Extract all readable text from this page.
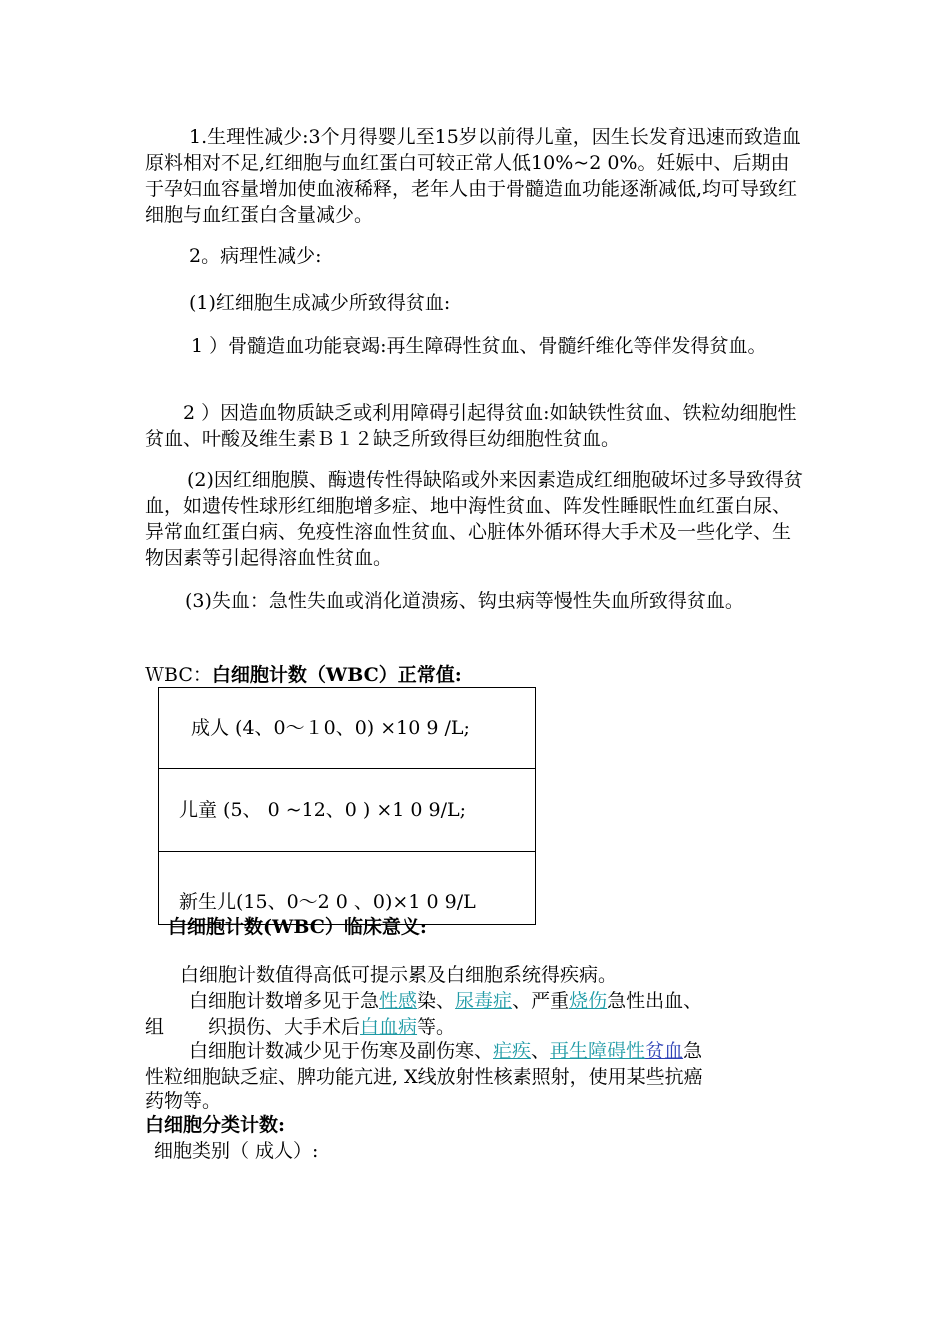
1.生理性减少:3个月得婴儿至15岁以前得儿童，因生长发育迅速而致造血原料相对不足,红细胞与血红蛋白可较正常人低10%~2 0%。妊娠中、后期由于孕妇血容量增加使血液稀释，老年人由于骨髓造血功能逐渐减低,均可导致红细胞与血红蛋白含量减少。

2。病理性减少:

(1)红细胞生成减少所致得贫血:

1 ）骨髓造血功能衰竭:再生障碍性贫血、骨髓纤维化等伴发得贫血。

2 ）因造血物质缺乏或利用障碍引起得贫血:如缺铁性贫血、铁粒幼细胞性贫血、叶酸及维生素Ｂ１２缺乏所致得巨幼细胞性贫血。

(2)因红细胞膜、酶遗传性得缺陷或外来因素造成红细胞破坏过多导致得贫血，如遗传性球形红细胞增多症、地中海性贫血、阵发性睡眠性血红蛋白尿、异常血红蛋白病、免疫性溶血性贫血、心脏体外循环得大手术及一些化学、生物因素等引起得溶血性贫血。

(3)失血：急性失血或消化道溃疡、钩虫病等慢性失血所致得贫血。

ＷBC：白细胞计数（WBC）正常值:

成人 (4、0～１0、0) ×10 9 /L;
儿童 (5、 0 ~12、0 ) ×1 0 9/L;
新生儿(15、0～2 0 、0)×1 0 9/L

白细胞计数(WBC）临床意义:

白细胞计数值得高低可提示累及白细胞系统得疾病。

白细胞计数增多见于急性感染、尿毒症、严重烧伤急性出血、

组 织损伤、大手术后白血病等。

白细胞计数减少见于伤寒及副伤寒、疟疾、再生障碍性贫血急

性粒细胞缺乏症、脾功能亢进, X线放射性核素照射，使用某些抗癌

药物等。

白细胞分类计数:

细胞类别（ 成人）:
